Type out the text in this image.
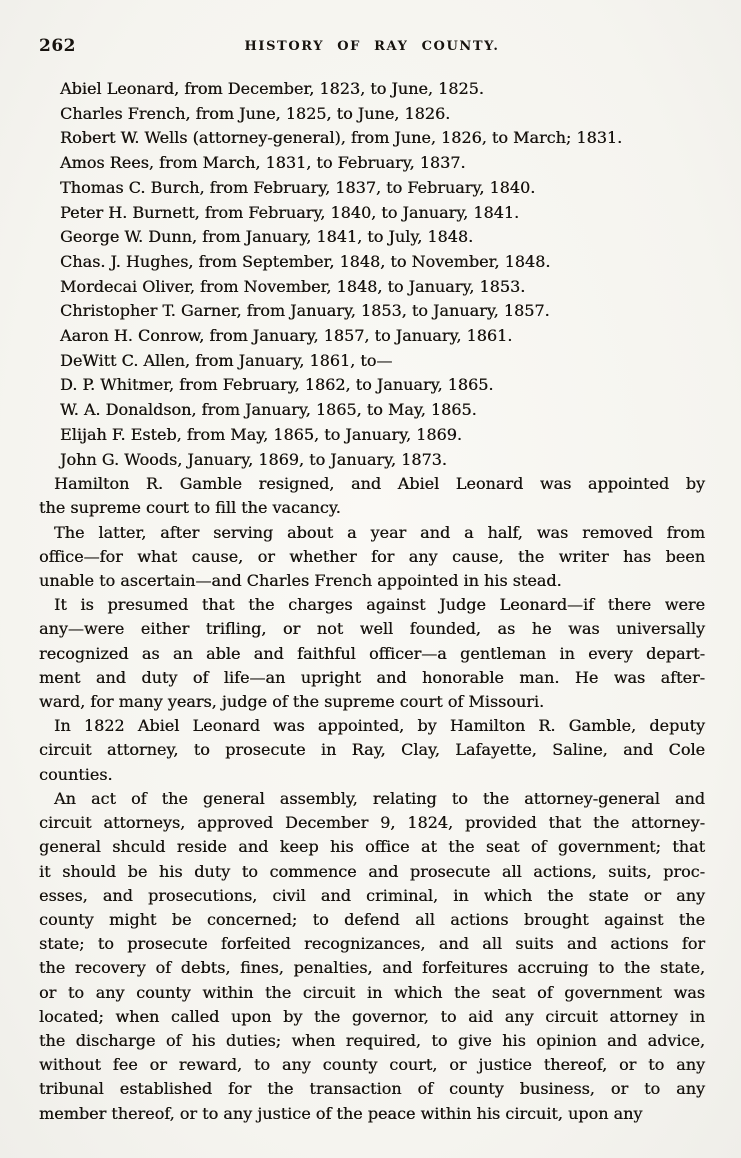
262	HISTORY OF RAY COUNTY.
Abiel Leonard, from December, 1823, to June, 1825.
Charles French, from June, 1825, to June, 1826.
Robert W. Wells (attorney-general), from June, 1826, to March; 1831.
Amos Rees, from March, 1831, to February, 1837.
Thomas C. Burch, from February, 1837, to February, 1840.
Peter H. Burnett, from February, 1840, to January, 1841.
George W. Dunn, from January, 1841, to July, 1848.
Chas. J. Hughes, from September, 1848, to November, 1848.
Mordecai Oliver, from November, 1848, to January, 1853.
Christopher T. Garner, from January, 1853, to January, 1857.
Aaron H. Conrow, from January, 1857, to January, 1861.
DeWitt C. Allen, from January, 1861, to—
D. P. Whitmer, from February, 1862, to January, 1865.
W. A. Donaldson, from January, 1865, to May, 1865.
Elijah F. Esteb, from May, 1865, to January, 1869.
John G. Woods, January, 1869, to January, 1873.
Hamilton R. Gamble resigned, and Abiel Leonard was appointed by
the supreme court to fill the vacancy.
The latter, after serving about a year and a half, was removed from
office—for what cause, or whether for any cause, the writer has been
unable to ascertain—and Charles French appointed in his stead.
It is presumed that the charges against Judge Leonard—if there were
any—were either trifling, or not well founded, as he was universally
recognized as an able and faithful officer—a gentleman in every depart-
ment and duty of life—an upright and honorable man. He was after-
ward, for many years, judge of the supreme court of Missouri.
In 1822 Abiel Leonard was appointed, by Hamilton R. Gamble, deputy
circuit attorney, to prosecute in Ray, Clay, Lafayette, Saline, and Cole
counties.
An act of the general assembly, relating to the attorney-general and
circuit attorneys, approved December 9, 1824, provided that the attorney-
general shculd reside and keep his office at the seat of government; that
it should be his duty to commence and prosecute all actions, suits, proc-
esses, and prosecutions, civil and criminal, in which the state or any
county might be concerned; to defend all actions brought against the
state; to prosecute forfeited recognizances, and all suits and actions for
the recovery of debts, fines, penalties, and forfeitures accruing to the state,
or to any county within the circuit in which the seat of government was
located; when called upon by the governor, to aid any circuit attorney in
the discharge of his duties; when required, to give his opinion and advice,
without fee or reward, to any county court, or justice thereof, or to any
tribunal established for the transaction of county business, or to any
member thereof, or to any justice of the peace within his circuit, upon any
